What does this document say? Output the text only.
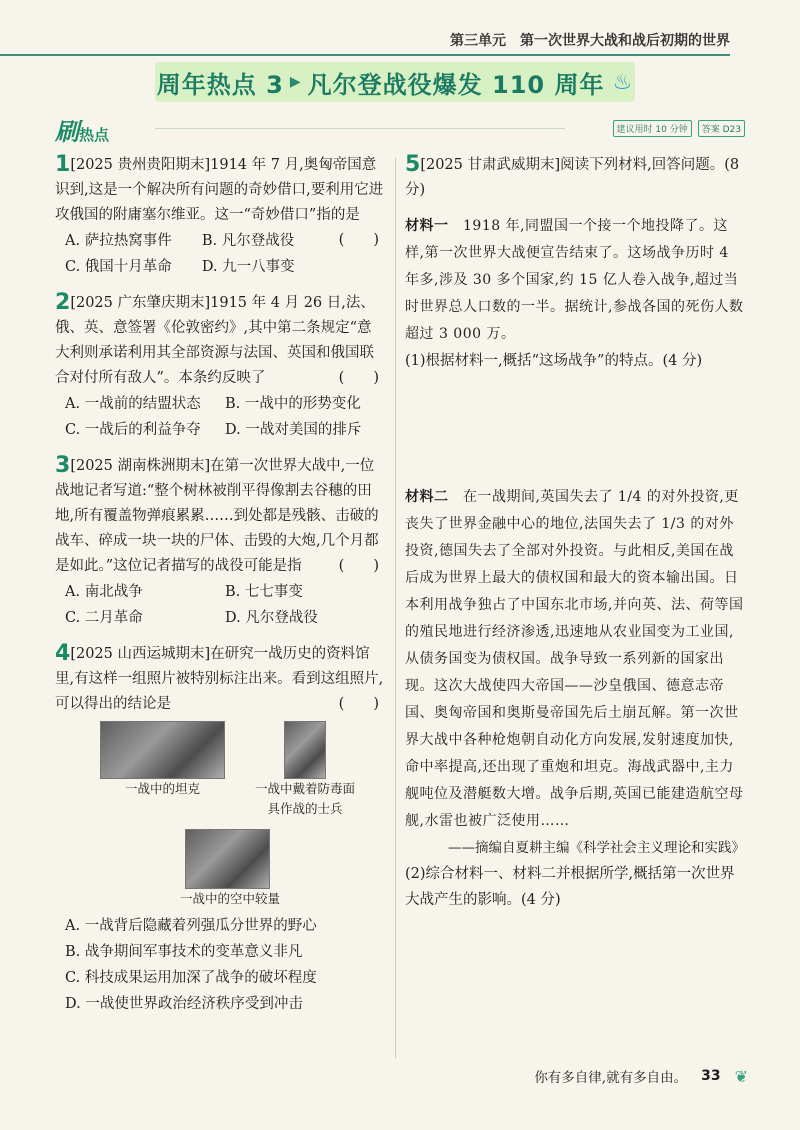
第三单元　第一次世界大战和战后初期的世界
周年热点 3 ▶ 凡尔登战役爆发 110 周年 ♨
刷热点	建议用时 10 分钟	答案 D23
1[2025 贵州贵阳期末]1914 年 7 月,奥匈帝国意识到,这是一个解决所有问题的奇妙借口,要利用它进攻俄国的附庸塞尔维亚。这一“奇妙借口”指的是
(　　)
A. 萨拉热窝事件	B. 凡尔登战役
C. 俄国十月革命	D. 九一八事变
2[2025 广东肇庆期末]1915 年 4 月 26 日,法、俄、英、意签署《伦敦密约》,其中第二条规定“意大利则承诺利用其全部资源与法国、英国和俄国联合对付所有敌人”。本条约反映了	(　　)
A. 一战前的结盟状态	B. 一战中的形势变化
C. 一战后的利益争夺	D. 一战对美国的排斥
3[2025 湖南株洲期末]在第一次世界大战中,一位战地记者写道:“整个树林被削平得像割去谷穗的田地,所有覆盖物弹痕累累……到处都是残骸、击破的战车、碎成一块一块的尸体、击毁的大炮,几个月都是如此。”这位记者描写的战役可能是指	(　　)
A. 南北战争	B. 七七事变
C. 二月革命	D. 凡尔登战役
4[2025 山西运城期末]在研究一战历史的资料馆里,有这样一组照片被特别标注出来。看到这组照片,可以得出的结论是	(　　)
一战中的坦克	一战中戴着防毒面具作战的士兵
一战中的空中较量
A. 一战背后隐藏着列强瓜分世界的野心
B. 战争期间军事技术的变革意义非凡
C. 科技成果运用加深了战争的破坏程度
D. 一战使世界政治经济秩序受到冲击
5[2025 甘肃武威期末]阅读下列材料,回答问题。(8 分)
材料一　 1918 年,同盟国一个接一个地投降了。这样,第一次世界大战便宣告结束了。这场战争历时 4 年多,涉及 30 多个国家,约 15 亿人卷入战争,超过当时世界总人口数的一半。据统计,参战各国的死伤人数超过 3 000 万。
(1)根据材料一,概括“这场战争”的特点。(4 分)
材料二　 在一战期间,英国失去了 1/4 的对外投资,更丧失了世界金融中心的地位,法国失去了 1/3 的对外投资,德国失去了全部对外投资。与此相反,美国在战后成为世界上最大的债权国和最大的资本输出国。日本利用战争独占了中国东北市场,并向英、法、荷等国的殖民地进行经济渗透,迅速地从农业国变为工业国,从债务国变为债权国。战争导致一系列新的国家出现。这次大战使四大帝国——沙皇俄国、德意志帝国、奥匈帝国和奥斯曼帝国先后土崩瓦解。第一次世界大战中各种枪炮朝自动化方向发展,发射速度加快,命中率提高,还出现了重炮和坦克。海战武器中,主力舰吨位及潜艇数大增。战争后期,英国已能建造航空母舰,水雷也被广泛使用……
——摘编自夏耕主编《科学社会主义理论和实践》
(2)综合材料一、材料二并根据所学,概括第一次世界大战产生的影响。(4 分)
你有多自律,就有多自由。 33 ❦
